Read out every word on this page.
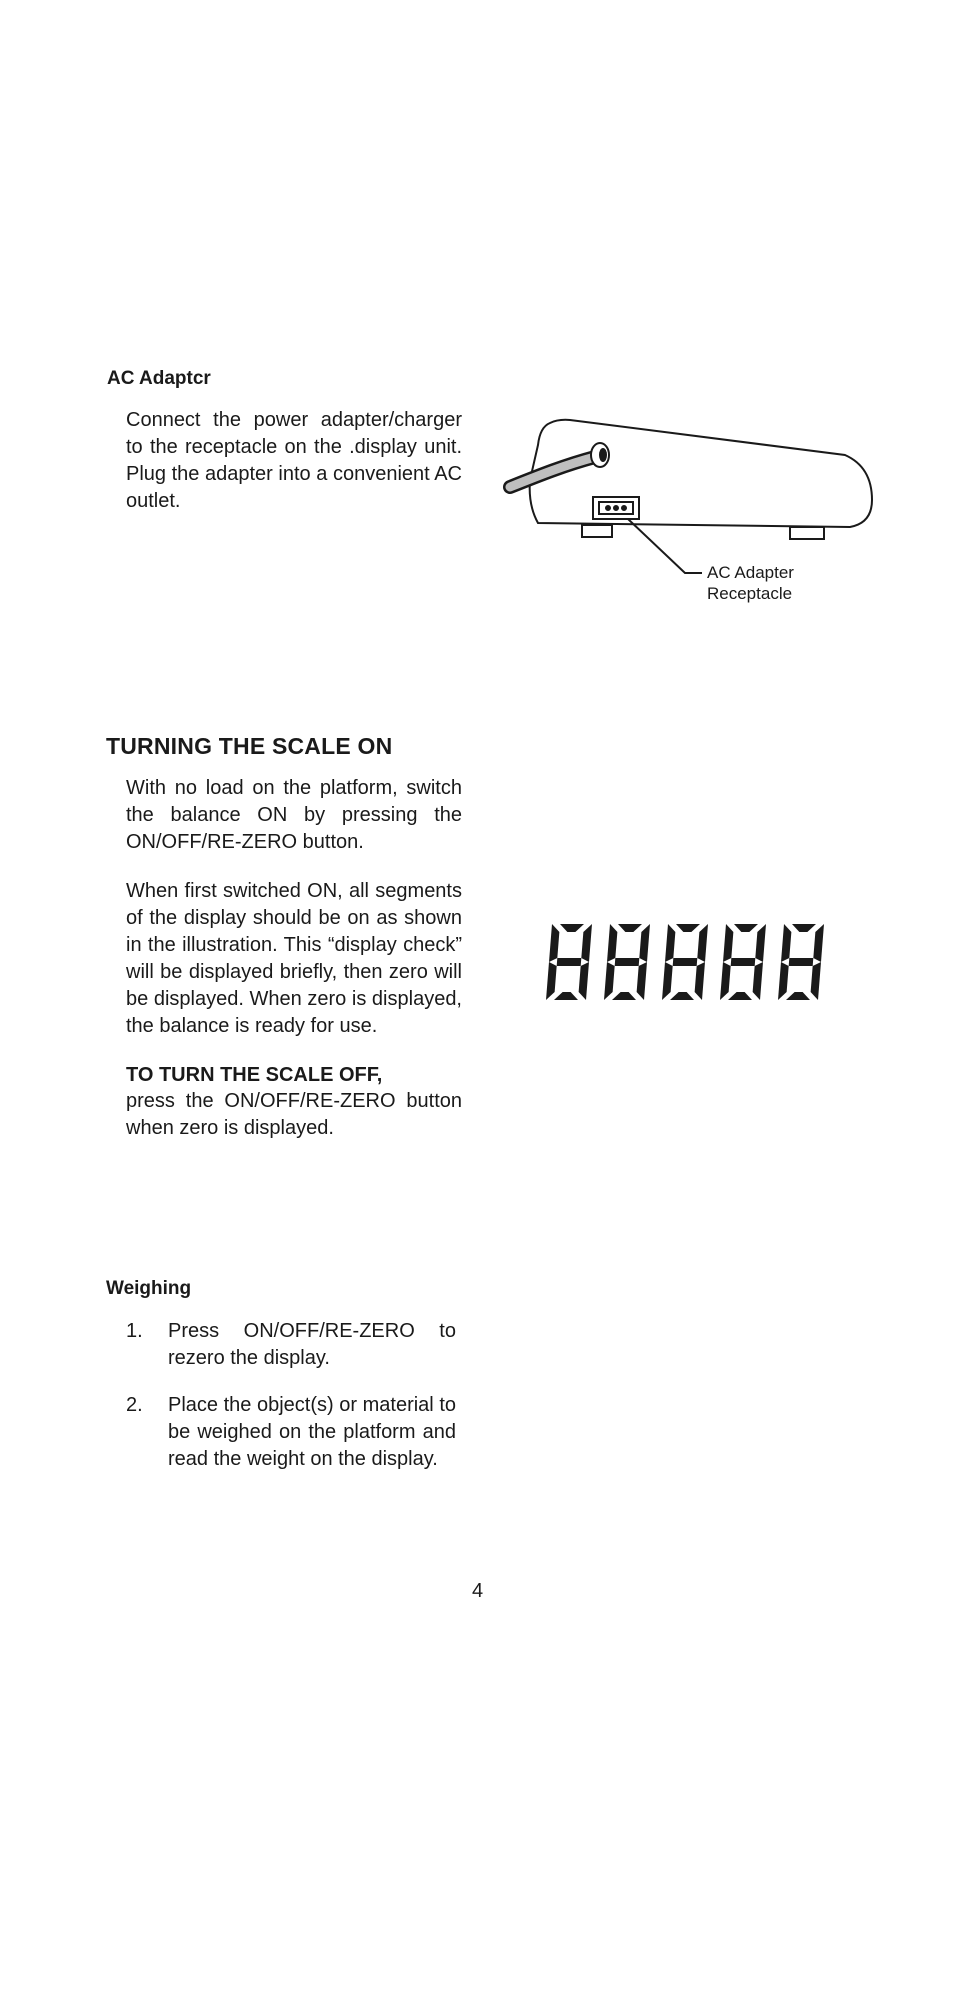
AC Adaptcr
Connect the power adapter/charger to the receptacle on the .display unit. Plug the adapter into a convenient AC outlet.
AC Adapter
Receptacle
TURNING THE SCALE ON

With no load on the platform, switch the balance ON by pressing the ON/OFF/RE-ZERO button.

When first switched ON, all segments of the display should be on as shown in the illustration. This “display check” will be displayed briefly, then zero will be displayed. When zero is displayed, the balance is ready for use.

TO TURN THE SCALE OFF,
press the ON/OFF/RE-ZERO button when zero is displayed.
Weighing
1. Press ON/OFF/RE-ZERO to rezero the display.
2. Place the object(s) or material to be weighed on the platform and read the weight on the display.
4
